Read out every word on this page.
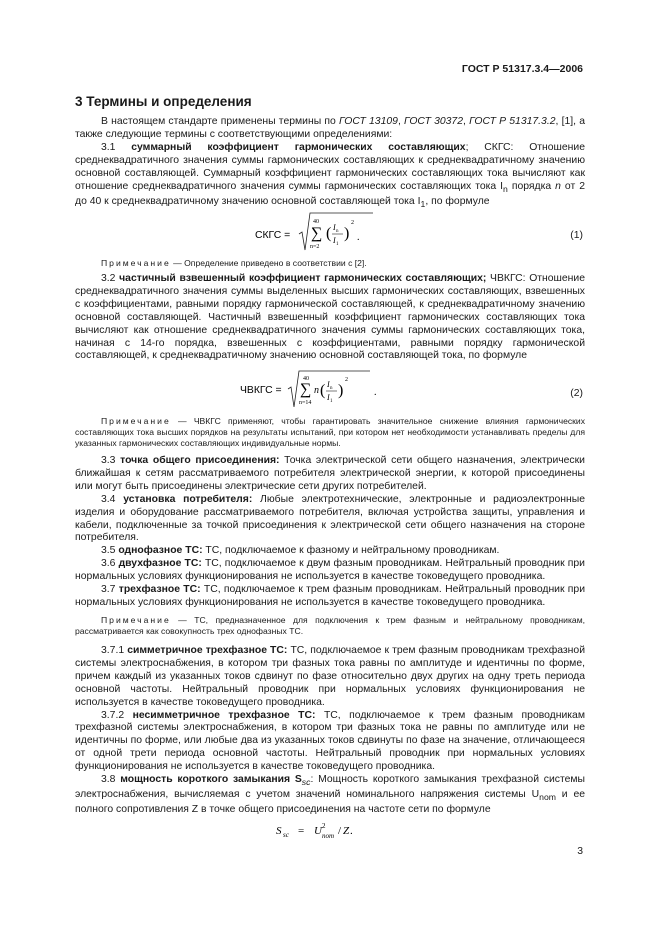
ГОСТ Р 51317.3.4—2006
3 Термины и определения

В настоящем стандарте применены термины по ГОСТ 13109, ГОСТ 30372, ГОСТ Р 51317.3.2, [1], а также следующие термины с соответствующими определениями:

3.1 суммарный коэффициент гармонических составляющих; СКГС: Отношение среднеквадратичного значения суммы гармонических составляющих к среднеквадратичному значению основной составляющей. Суммарный коэффициент гармонических составляющих тока вычисляют как отношение среднеквадратичного значения суммы гармонических составляющих тока $I_n$ порядка n от 2 до 40 к среднеквадратичному значению основной составляющей тока $I_1$, по формуле

СКГС =
40
∑
n=2
( I n
I 1
)
2
.	(1)

Примечание — Определение приведено в соответствии с [2].

3.2 частичный взвешенный коэффициент гармонических составляющих; ЧВКГС: Отношение среднеквадратичного значения суммы выделенных высших гармонических составляющих, взвешенных с коэффициентами, равными порядку гармонической составляющей, к среднеквадратичному значению основной составляющей. Частичный взвешенный коэффициент гармонических составляющих тока вычисляют как отношение среднеквадратичного значения суммы гармонических составляющих тока, начиная с 14-го порядка, взвешенных с коэффициентами, равными порядку гармонической составляющей, к среднеквадратичному значению основной составляющей тока, по формуле

ЧВКГС =
40
∑
n=14
n ( I n
I 1
)
2
.	(2)

Примечание — ЧВКГС применяют, чтобы гарантировать значительное снижение влияния гармонических составляющих тока высших порядков на результаты испытаний, при котором нет необходимости устанавливать пределы для указанных гармонических составляющих индивидуальные нормы.

3.3 точка общего присоединения: Точка электрической сети общего назначения, электрически ближайшая к сетям рассматриваемого потребителя электрической энергии, к которой присоединены или могут быть присоединены электрические сети других потребителей.

3.4 установка потребителя: Любые электротехнические, электронные и радиоэлектронные изделия и оборудование рассматриваемого потребителя, включая устройства защиты, управления и кабели, подключенные за точкой присоединения к электрической сети общего назначения на стороне потребителя.

3.5 однофазное ТС: ТС, подключаемое к фазному и нейтральному проводникам.

3.6 двухфазное ТС: ТС, подключаемое к двум фазным проводникам. Нейтральный проводник при нормальных условиях функционирования не используется в качестве токоведущего проводника.

3.7 трехфазное ТС: ТС, подключаемое к трем фазным проводникам. Нейтральный проводник при нормальных условиях функционирования не используется в качестве токоведущего проводника.

Примечание — ТС, предназначенное для подключения к трем фазным и нейтральному проводникам, рассматривается как совокупность трех однофазных ТС.

3.7.1 симметричное трехфазное ТС: ТС, подключаемое к трем фазным проводникам трехфазной системы электроснабжения, в котором три фазных тока равны по амплитуде и идентичны по форме, причем каждый из указанных токов сдвинут по фазе относительно двух других на одну треть периода основной частоты. Нейтральный проводник при нормальных условиях функционирования не используется в качестве токоведущего проводника.

3.7.2 несимметричное трехфазное ТС: ТС, подключаемое к трем фазным проводникам трехфазной системы электроснабжения, в котором три фазных тока не равны по амплитуде или не идентичны по форме, или любые два из указанных токов сдвинуты по фазе на значение, отличающееся от одной трети периода основной частоты. Нейтральный проводник при нормальных условиях функционирования не используется в качестве токоведущего проводника.

3.8 мощность короткого замыкания $S_{sc}$: Мощность короткого замыкания трехфазной системы электроснабжения, вычисляемая с учетом значений номинального напряжения системы $U_{nom}$ и ее полного сопротивления Z в точке общего присоединения на частоте сети по формуле

S sc = U 2
nom / Z .
3
